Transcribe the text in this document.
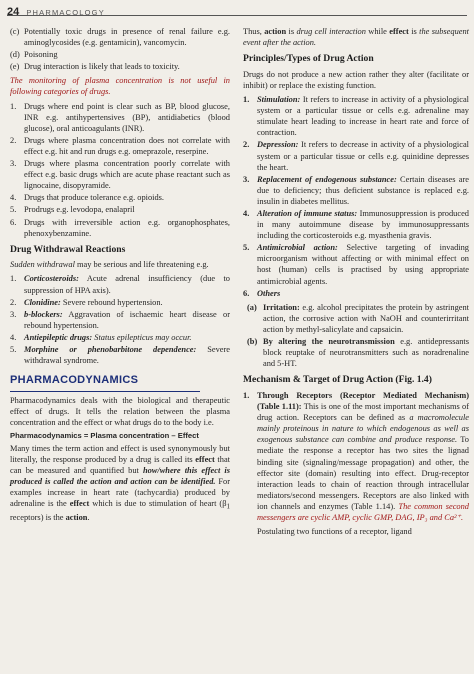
24 PHARMACOLOGY
(c) Potentially toxic drugs in presence of renal failure e.g. aminoglycosides (e.g. gentamicin), vancomycin.
(d) Poisoning
(e) Drug interaction is likely that leads to toxicity.

The monitoring of plasma concentration is not useful in following categories of drugs.

1. Drugs where end point is clear such as BP, blood glucose, INR e.g. antihypertensives (BP), antidiabetics (blood glucose), oral anticoagulants (INR).
2. Drugs where plasma concentration does not correlate with effect e.g. hit and run drugs e.g. omeprazole, reserpine.
3. Drugs where plasma concentration poorly correlate with effect e.g. basic drugs which are acute phase reactant such as lignocaine, disopyramide.
4. Drugs that produce tolerance e.g. opioids.
5. Prodrugs e.g. levodopa, enalapril
6. Drugs with irreversible action e.g. organophosphates, phenoxybenzamine.
Drug Withdrawal Reactions

Sudden withdrawal may be serious and life threatening e.g.

1. Corticosteroids: Acute adrenal insufficiency (due to suppression of HPA axis).
2. Clonidine: Severe rebound hypertension.
3. b-blockers: Aggravation of ischaemic heart disease or rebound hypertension.
4. Antiepileptic drugs: Status epilepticus may occur.
5. Morphine or phenobarbitone dependence: Severe withdrawal syndrome.
PHARMACODYNAMICS

Pharmacodynamics deals with the biological and therapeutic effect of drugs. It tells the relation between the plasma concentration and the effect or what drugs do to the body i.e.

Pharmacodynamics = Plasma concentration – Effect

Many times the term action and effect is used synonymously but literally, the response produced by a drug is called its effect that can be measured and quantified but how/where this effect is produced is called the action and action can be identified. For examples increase in heart rate (tachycardia) produced by adrenaline is the effect which is due to stimulation of heart ($\beta_1$ receptors) is the action.

Thus, action is drug cell interaction while effect is the subsequent event after the action.

Principles/Types of Drug Action

Drugs do not produce a new action rather they alter (facilitate or inhibit) or replace the existing function.

1. Stimulation: It refers to increase in activity of a physiological system or a particular tissue or cells e.g. adrenaline may stimulate heart leading to increase in heart rate and force of contraction.
2. Depression: It refers to decrease in activity of a physiological system or a particular tissue or cells e.g. quinidine depresses the heart.
3. Replacement of endogenous substance: Certain diseases are due to deficiency; thus deficient substance is replaced e.g. insulin in diabetes mellitus.
4. Alteration of immune status: Immunosuppression is produced in many autoimmune disease by immunosuppressants including the corticosteroids e.g. myasthenia gravis.
5. Antimicrobial action: Selective targeting of invading microorganism without affecting or with minimal effect on host (human) cells is practised by using appropriate antimicrobial agents.
6. Others
(a) Irritation: e.g. alcohol precipitates the protein by astringent action, the corrosive action with NaOH and counterirritant action by methyl-salicylate and capsaicin.
(b) By altering the neurotransmission e.g. antidepressants block reuptake of neurotransmitters such as noradrenaline and 5-HT.
Mechanism & Target of Drug Action (Fig. 1.4)
1. Through Receptors (Receptor Mediated Mechanism) (Table 1.11): This is one of the most important mechanisms of drug action. Receptors can be defined as a macromolecule mainly proteinous in nature to which endogenous as well as exogenous substance can combine and produce response. To mediate the response a receptor has two sites the lignad binding site (signaling/message propagation) and other, the effector site (domain) resulting into effect. Drug-receptor interaction leads to chain of reaction through intracellular mediators/second messengers. Receptors are also linked with ion channels and enzymes (Table 1.14). The common second messengers are cyclic AMP, cyclic GMP, DAG, IP₃ and Ca²⁺.

Postulating two functions of a receptor, ligand
